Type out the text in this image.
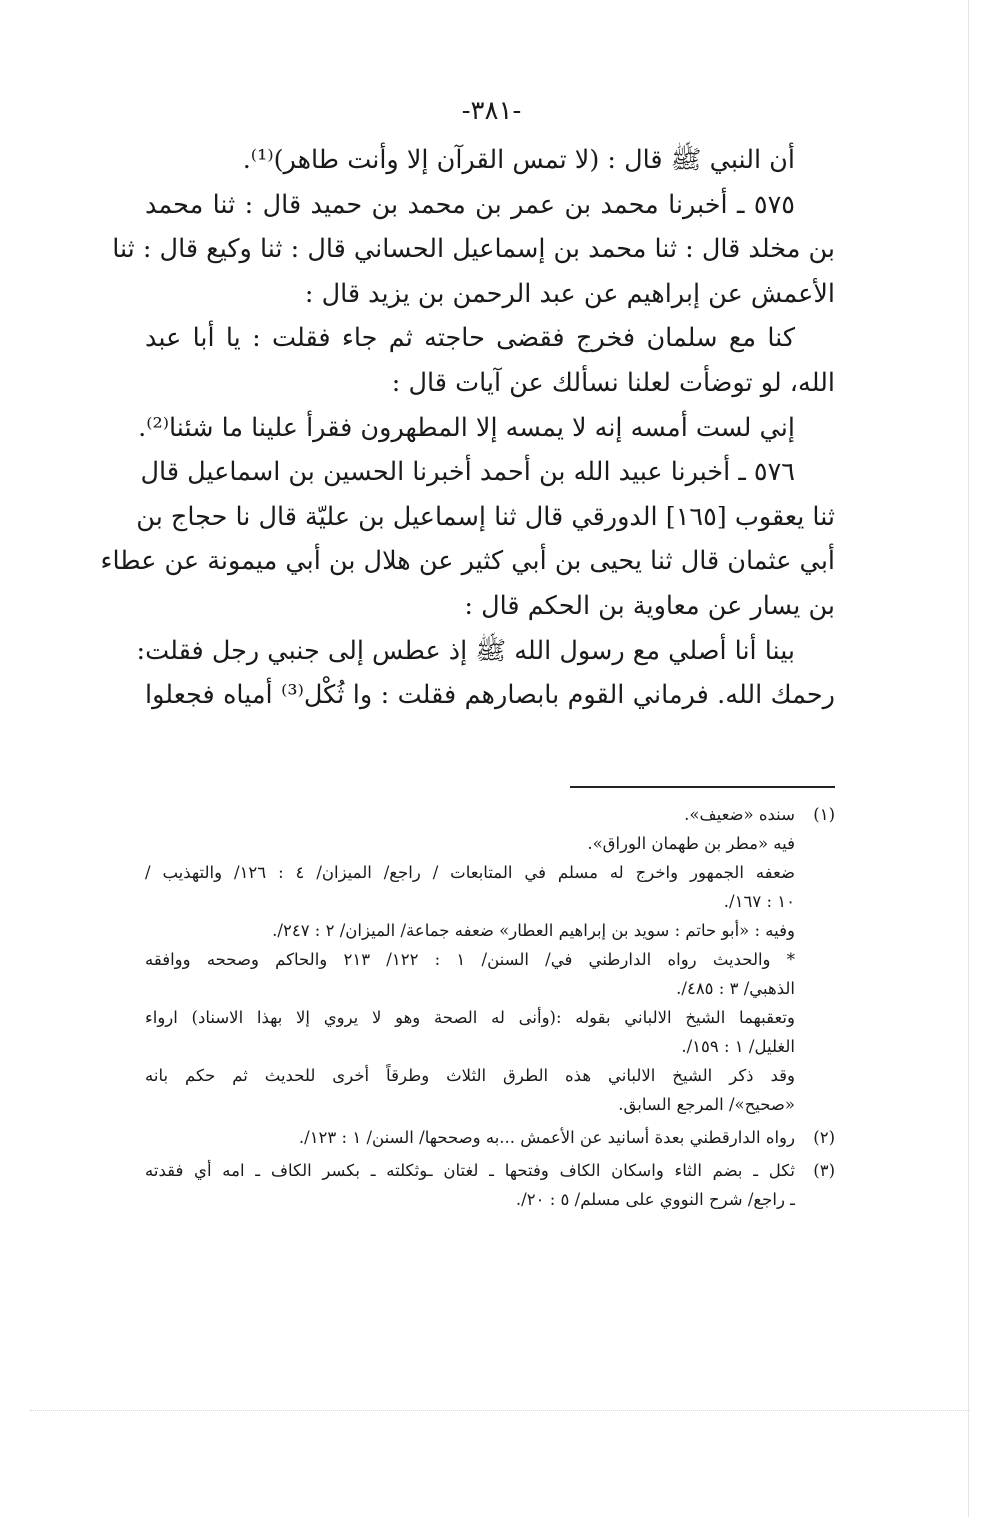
-٣٨١-
أن النبي ﷺ قال : (لا تمس القرآن إلا وأنت طاهر)⁽¹⁾.
٥٧٥ ـ أخبرنا محمد بن عمر بن محمد بن حميد قال : ثنا محمد
بن مخلد قال : ثنا محمد بن إسماعيل الحساني قال : ثنا وكيع قال : ثنا
الأعمش عن إبراهيم عن عبد الرحمن بن يزيد قال :
كنا مع سلمان فخرج فقضى حاجته ثم جاء فقلت : يا أبا عبد
الله، لو توضأت لعلنا نسألك عن آيات قال :
إني لست أمسه إنه لا يمسه إلا المطهرون فقرأ علينا ما شئنا⁽²⁾.
٥٧٦ ـ أخبرنا عبيد الله بن أحمد أخبرنا الحسين بن اسماعيل قال
ثنا يعقوب [١٦٥] الدورقي قال ثنا إسماعيل بن عليّة قال نا حجاج بن
أبي عثمان قال ثنا يحيى بن أبي كثير عن هلال بن أبي ميمونة عن عطاء
بن يسار عن معاوية بن الحكم قال :
بينا أنا أصلي مع رسول الله ﷺ إذ عطس إلى جنبي رجل فقلت:
رحمك الله. فرماني القوم بابصارهم فقلت : وا ثُكْل⁽³⁾ أمياه فجعلوا
(١)سنده «ضعيف».
فيه «مطر بن طهمان الوراق».
ضعفه الجمهور واخرج له مسلم في المتابعات / راجع/ الميزان/ ٤ : ١٢٦/ والتهذيب /
١٠ : ١٦٧/.
وفيه : «أبو حاتم : سويد بن إبراهيم العطار» ضعفه جماعة/ الميزان/ ٢ : ٢٤٧/.
* والحديث رواه الدارطني في/ السنن/ ١ : ١٢٢/ ٢١٣ والحاكم وصححه ووافقه
الذهبي/ ٣ : ٤٨٥/.
وتعقبهما الشيخ الالباني بقوله :(وأنى له الصحة وهو لا يروي إلا بهذا الاسناد) ارواء
الغليل/ ١ : ١٥٩/.
وقد ذكر الشيخ الالباني هذه الطرق الثلاث وطرقاً أخرى للحديث ثم حكم بانه
«صحيح»/ المرجع السابق.
(٢)رواه الدارقطني بعدة أسانيد عن الأعمش ...به وصححها/ السنن/ ١ : ١٢٣/.
(٣)ثكل ـ بضم الثاء واسكان الكاف وفتحها ـ لغتان ـوثكلته ـ بكسر الكاف ـ امه أي فقدته
ـ راجع/ شرح النووي على مسلم/ ٥ : ٢٠/.
